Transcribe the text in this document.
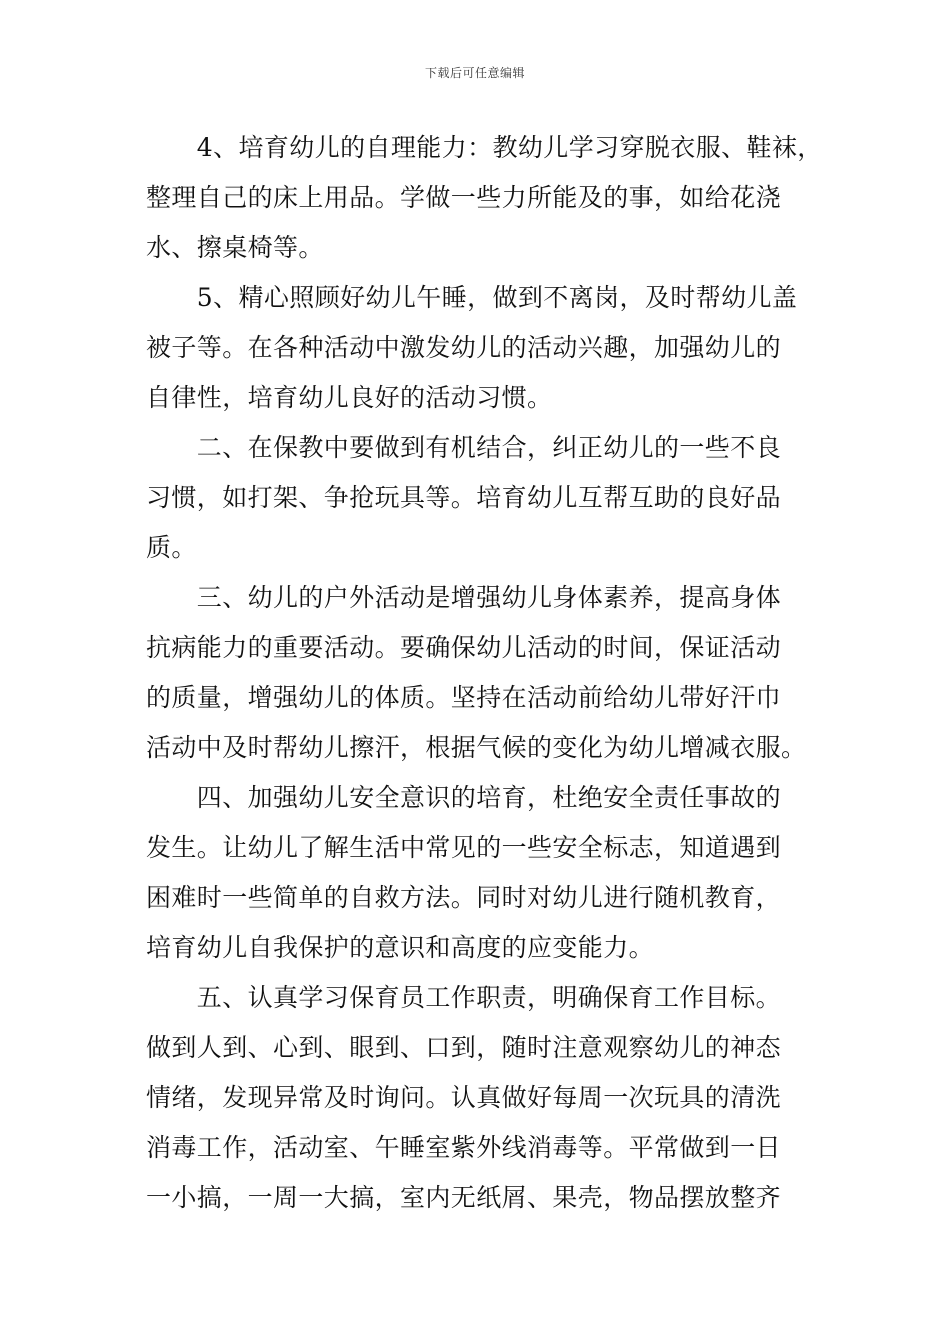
下载后可任意编辑
　　4、培育幼儿的自理能力：教幼儿学习穿脱衣服、鞋袜，
整理自己的床上用品。学做一些力所能及的事，如给花浇
水、擦桌椅等。
　　5、精心照顾好幼儿午睡，做到不离岗，及时帮幼儿盖
被子等。在各种活动中激发幼儿的活动兴趣，加强幼儿的
自律性，培育幼儿良好的活动习惯。
　　二、在保教中要做到有机结合，纠正幼儿的一些不良
习惯，如打架、争抢玩具等。培育幼儿互帮互助的良好品
质。
　　三、幼儿的户外活动是增强幼儿身体素养，提高身体
抗病能力的重要活动。要确保幼儿活动的时间，保证活动
的质量，增强幼儿的体质。坚持在活动前给幼儿带好汗巾
活动中及时帮幼儿擦汗，根据气候的变化为幼儿增减衣服。
　　四、加强幼儿安全意识的培育，杜绝安全责任事故的
发生。让幼儿了解生活中常见的一些安全标志，知道遇到
困难时一些简单的自救方法。同时对幼儿进行随机教育，
培育幼儿自我保护的意识和高度的应变能力。
　　五、认真学习保育员工作职责，明确保育工作目标。
做到人到、心到、眼到、口到，随时注意观察幼儿的神态
情绪，发现异常及时询问。认真做好每周一次玩具的清洗
消毒工作，活动室、午睡室紫外线消毒等。平常做到一日
一小搞，一周一大搞，室内无纸屑、果壳，物品摆放整齐
